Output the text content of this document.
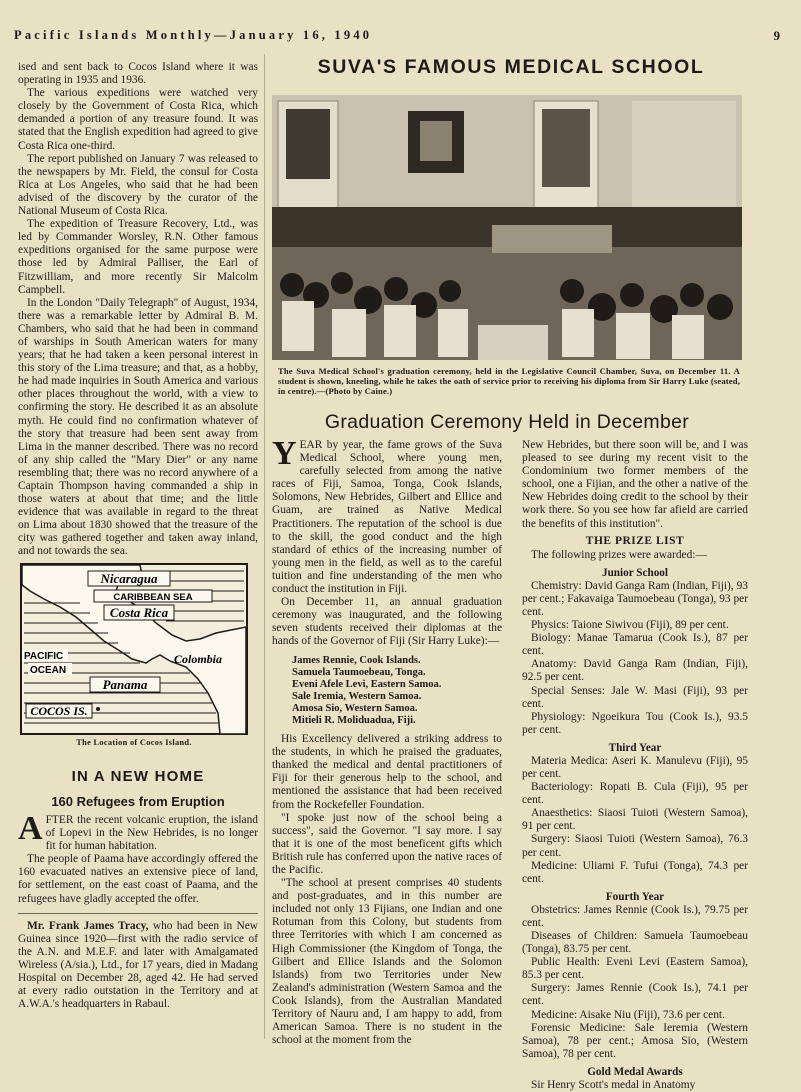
Pacific Islands Monthly—January 16, 1940	9

ised and sent back to Cocos Island where it was operating in 1935 and 1936.

The various expeditions were watched very closely by the Government of Costa Rica, which demanded a portion of any treasure found. It was stated that the English expedition had agreed to give Costa Rica one-third.

The report published on January 7 was released to the newspapers by Mr. Field, the consul for Costa Rica at Los Angeles, who said that he had been advised of the discovery by the curator of the National Museum of Costa Rica.

The expedition of Treasure Recovery, Ltd., was led by Commander Worsley, R.N. Other famous expeditions organised for the same purpose were those led by Admiral Palliser, the Earl of Fitzwilliam, and more recently Sir Malcolm Campbell.

In the London "Daily Telegraph" of August, 1934, there was a remarkable letter by Admiral B. M. Chambers, who said that he had been in command of warships in South American waters for many years; that he had taken a keen personal interest in this story of the Lima treasure; and that, as a hobby, he had made inquiries in South America and various other places throughout the world, with a view to confirming the story. He described it as an absolute myth. He could find no confirmation whatever of the story that treasure had been sent away from Lima in the manner described. There was no record of any ship called the "Mary Dier" or any name resembling that; there was no record anywhere of a Captain Thompson having commanded a ship in those waters at about that time; and the little evidence that was available in regard to the threat on Lima about 1830 showed that the treasure of the city was gathered together and taken away inland, and not towards the sea.

Nicaragua
CARIBBEAN SEA
Costa Rica
PACIFIC
OCEAN
Colombia
Panama
COCOS IS.
The Location of Cocos Island.
IN A NEW HOME
160 Refugees from Eruption

AFTER the recent volcanic eruption, the island of Lopevi in the New Hebrides, is no longer fit for human habitation.

The people of Paama have accordingly offered the 160 evacuated natives an extensive piece of land, for settlement, on the east coast of Paama, and the refugees have gladly accepted the offer.

Mr. Frank James Tracy, who had been in New Guinea since 1920—first with the radio service of the A.N. and M.E.F. and later with Amalgamated Wireless (A/sia.), Ltd., for 17 years, died in Madang Hospital on December 28, aged 42. He had served at every radio outstation in the Territory and at A.W.A.'s headquarters in Rabaul.

SUVA'S FAMOUS MEDICAL SCHOOL
The Suva Medical School's graduation ceremony, held in the Legislative Council Chamber, Suva, on December 11. A student is shown, kneeling, while he takes the oath of service prior to receiving his diploma from Sir Harry Luke (seated, in centre).—(Photo by Caine.)
Graduation Ceremony Held in December

YEAR by year, the fame grows of the Suva Medical School, where young men, carefully selected from among the native races of Fiji, Samoa, Tonga, Cook Islands, Solomons, New Hebrides, Gilbert and Ellice and Guam, are trained as Native Medical Practitioners. The reputation of the school is due to the skill, the good conduct and the high standard of ethics of the increasing number of young men in the field, as well as to the careful tuition and fine understanding of the men who conduct the institution in Fiji.

On December 11, an annual graduation ceremony was inaugurated, and the following seven students received their diplomas at the hands of the Governor of Fiji (Sir Harry Luke):—

James Rennie, Cook Islands.
Samuela Taumoebeau, Tonga.
Eveni Afele Levi, Eastern Samoa.
Sale Iremia, Western Samoa.
Amosa Sio, Western Samoa.
Mitieli R. Moliduadua, Fiji.

His Excellency delivered a striking address to the students, in which he praised the graduates, thanked the medical and dental practitioners of Fiji for their generous help to the school, and mentioned the assistance that had been received from the Rockefeller Foundation.

"I spoke just now of the school being a success", said the Governor. "I say more. I say that it is one of the most beneficent gifts which British rule has conferred upon the native races of the Pacific.

"The school at present comprises 40 students and post-graduates, and in this number are included not only 13 Fijians, one Indian and one Rotuman from this Colony, but students from three Territories with which I am concerned as High Commissioner (the Kingdom of Tonga, the Gilbert and Ellice Islands and the Solomon Islands) from two Territories under New Zealand's administration (Western Samoa and the Cook Islands), from the Australian Mandated Territory of Nauru and, I am happy to add, from American Samoa. There is no student in the school at the moment from the

New Hebrides, but there soon will be, and I was pleased to see during my recent visit to the Condominium two former members of the school, one a Fijian, and the other a native of the New Hebrides doing credit to the school by their work there. So you see how far afield are carried the benefits of this institution".

THE PRIZE LIST

The following prizes were awarded:—

Junior School

Chemistry: David Ganga Ram (Indian, Fiji), 93 per cent.; Fakavaiga Taumoebeau (Tonga), 93 per cent.

Physics: Taione Siwivou (Fiji), 89 per cent.

Biology: Manae Tamarua (Cook Is.), 87 per cent.

Anatomy: David Ganga Ram (Indian, Fiji), 92.5 per cent.

Special Senses: Jale W. Masi (Fiji), 93 per cent.

Physiology: Ngoeikura Tou (Cook Is.), 93.5 per cent.

Third Year

Materia Medica: Aseri K. Manulevu (Fiji), 95 per cent.

Bacteriology: Ropati B. Cula (Fiji), 95 per cent.

Anaesthetics: Siaosi Tuioti (Western Samoa), 91 per cent.

Surgery: Siaosi Tuioti (Western Samoa), 76.3 per cent.

Medicine: Uliami F. Tufui (Tonga), 74.3 per cent.

Fourth Year

Obstetrics: James Rennie (Cook Is.), 79.75 per cent.

Diseases of Children: Samuela Taumoebeau (Tonga), 83.75 per cent.

Public Health: Eveni Levi (Eastern Samoa), 85.3 per cent.

Surgery: James Rennie (Cook Is.), 74.1 per cent.

Medicine: Aisake Niu (Fiji), 73.6 per cent.

Forensic Medicine: Sale Ieremia (Western Samoa), 78 per cent.; Amosa Sio, (Western Samoa), 78 per cent.

Gold Medal Awards

Sir Henry Scott's medal in Anatomy
